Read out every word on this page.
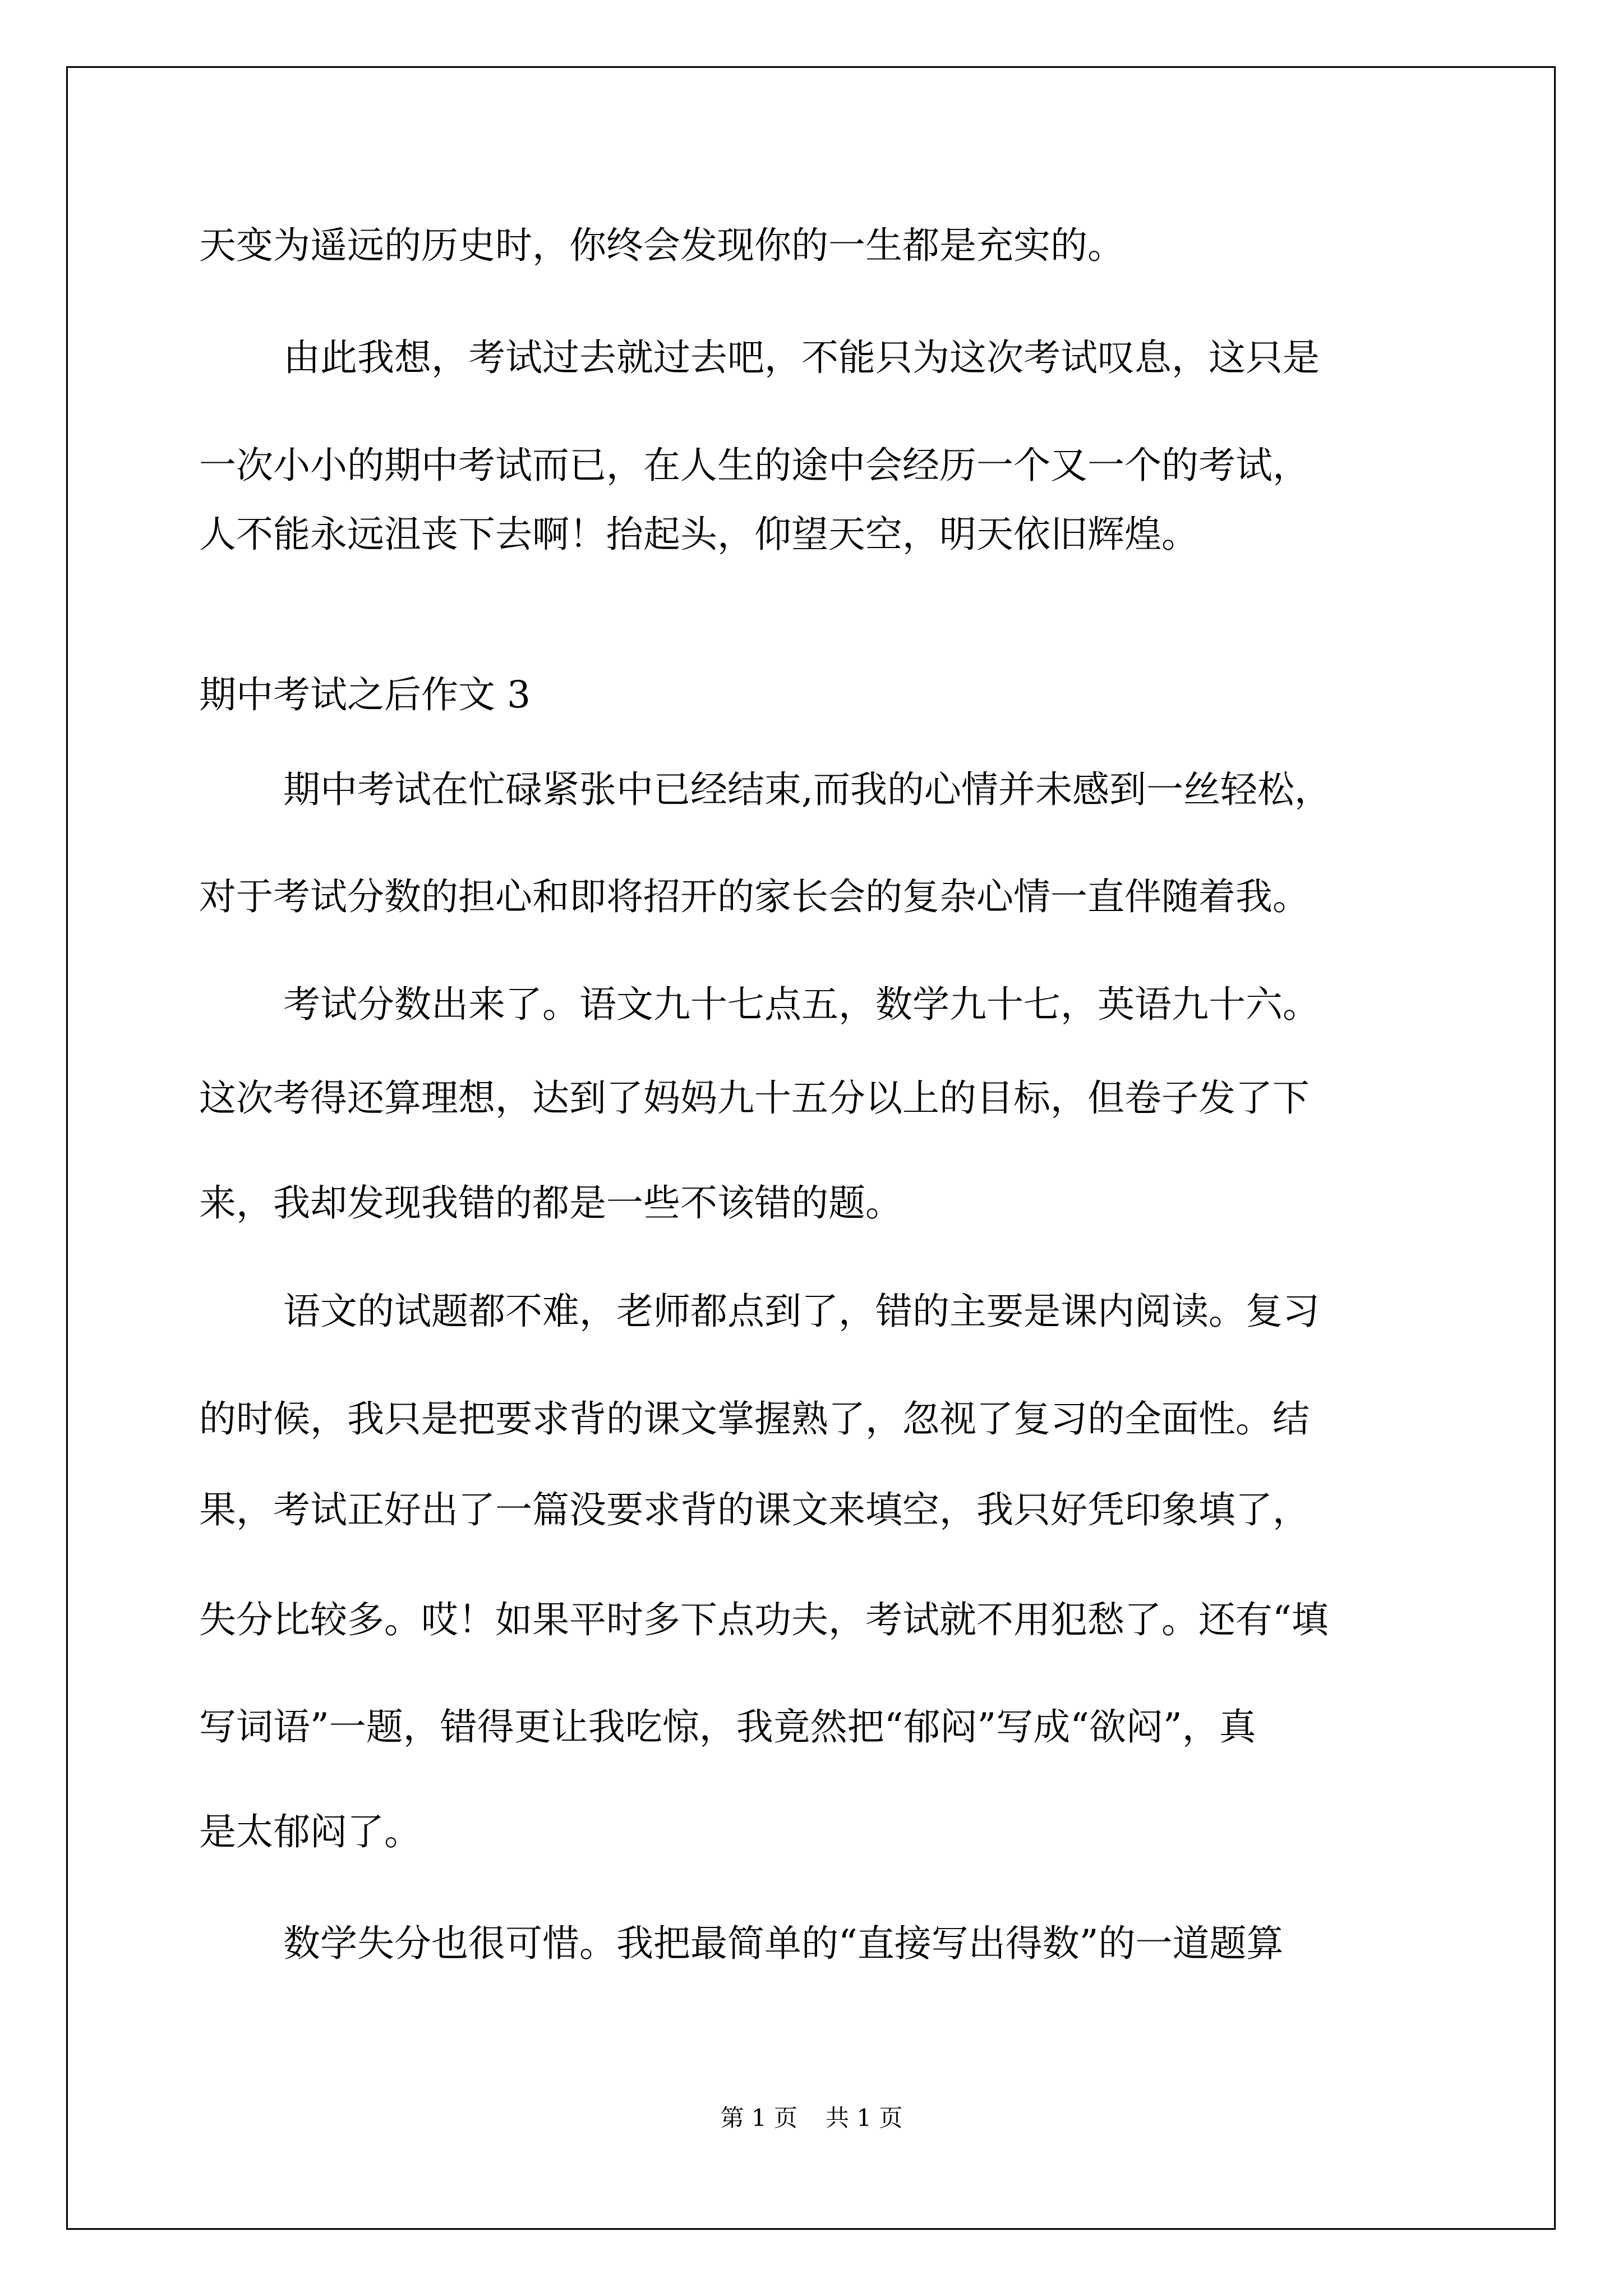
天变为遥远的历史时，你终会发现你的一生都是充实的。
由此我想，考试过去就过去吧，不能只为这次考试叹息，这只是
一次小小的期中考试而已，在人生的途中会经历一个又一个的考试，
人不能永远沮丧下去啊！抬起头，仰望天空，明天依旧辉煌。
期中考试之后作文 3
期中考试在忙碌紧张中已经结束,而我的心情并未感到一丝轻松，
对于考试分数的担心和即将招开的家长会的复杂心情一直伴随着我。
考试分数出来了。语文九十七点五，数学九十七，英语九十六。
这次考得还算理想，达到了妈妈九十五分以上的目标，但卷子发了下
来，我却发现我错的都是一些不该错的题。
语文的试题都不难，老师都点到了，错的主要是课内阅读。复习
的时候，我只是把要求背的课文掌握熟了，忽视了复习的全面性。结
果，考试正好出了一篇没要求背的课文来填空，我只好凭印象填了，
失分比较多。哎！如果平时多下点功夫，考试就不用犯愁了。还有“填
写词语”一题，错得更让我吃惊，我竟然把“郁闷”写成“欲闷”，真
是太郁闷了。
数学失分也很可惜。我把最简单的“直接写出得数”的一道题算
第 1 页 共 1 页
